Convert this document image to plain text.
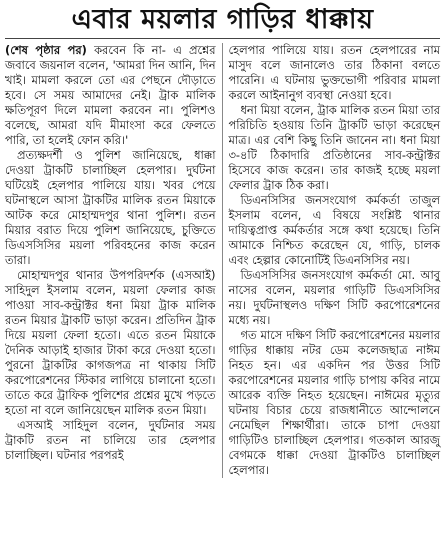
এবার ময়লার গাড়ির ধাক্কায়

(শেষ পৃষ্ঠার পর) করবেন কি না- এ প্রশ্নের জবাবে জয়নাল বলেন, 'আমরা দিন আনি, দিন খাই। মামলা করলে তো এর পেছনে দৌড়াতে হবে। সে সময় আমাদের নেই। ট্রাক মালিক ক্ষতিপূরণ দিলে মামলা করবেন না। পুলিশও বলেছে, আমরা যদি মীমাংসা করে ফেলতে পারি, তা হলেই ফোন করি।'

প্রত্যক্ষদর্শী ও পুলিশ জানিয়েছে, ধাক্কা দেওয়া ট্রাকটি চালাচ্ছিল হেলপার। দুর্ঘটনা ঘটিয়েই হেলপার পালিয়ে যায়। খবর পেয়ে ঘটনাস্থলে আসা ট্রাকটির মালিক রতন মিয়াকে আটক করে মোহাম্মদপুর থানা পুলিশ। রতন মিয়ার বরাত দিয়ে পুলিশ জানিয়েছে, চুক্তিতে ডিএসসিসির ময়লা পরিবহনের কাজ করেন তারা।

মোহাম্মদপুর থানার উপপরিদর্শক (এসআই) সাহিদুল ইসলাম বলেন, ময়লা ফেলার কাজ পাওয়া সাব-কন্ট্রাক্টর ধনা মিয়া ট্রাক মালিক রতন মিয়ার ট্রাকটি ভাড়া করেন। প্রতিদিন ট্রাক দিয়ে ময়লা ফেলা হতো। এতে রতন মিয়াকে দৈনিক আড়াই হাজার টাকা করে দেওয়া হতো। পুরনো ট্রাকটির কাগজপত্র না থাকায় সিটি করপোরেশনের স্টিকার লাগিয়ে চালানো হতো। তাতে করে ট্রাফিক পুলিশের প্রশ্নের মুখে পড়তে হতো না বলে জানিয়েছেন মালিক রতন মিয়া।

এসআই সাহিদুল বলেন, দুর্ঘটনার সময় ট্রাকটি রতন না চালিয়ে তার হেলপার চালাচ্ছিল। ঘটনার পরপরই

হেলপার পালিয়ে যায়। রতন হেলপারের নাম মাসুদ বলে জানালেও তার ঠিকানা বলতে পারেনি। এ ঘটনায় ভুক্তভোগী পরিবার মামলা করলে আইনানুগ ব্যবস্থা নেওয়া হবে।

ধনা মিয়া বলেন, ট্রাক মালিক রতন মিয়া তার পরিচিতি হওয়ায় তিনি ট্রাকটি ভাড়া করেছেন মাত্র। এর বেশি কিছু তিনি জানেন না। ধনা মিয়া ৩-৪টি ঠিকাদারি প্রতিষ্ঠানের সাব-কন্ট্রাক্টর হিসেবে কাজ করেন। তার কাজই হচ্ছে ময়লা ফেলার ট্রাক ঠিক করা।

ডিএনসিসির জনসংযোগ কর্মকর্তা তাজুল ইসলাম বলেন, এ বিষয়ে সংশ্লিষ্ট থানার দায়িত্বপ্রাপ্ত কর্মকর্তার সঙ্গে কথা হয়েছে। তিনি আমাকে নিশ্চিত করেছেন যে, গাড়ি, চালক এবং হেল্পার কোনোটিই ডিএনসিসির নয়।

ডিএসসিসির জনসংযোগ কর্মকর্তা মো. আবু নাসের বলেন, ময়লার গাড়িটি ডিএসসিসির নয়। দুর্ঘটনাস্থলও দক্ষিণ সিটি করপোরেশনের মধ্যে নয়।

গত মাসে দক্ষিণ সিটি করপোরেশনের ময়লার গাড়ির ধাক্কায় নটর ডেম কলেজছাত্র নাঈম নিহত হন। এর একদিন পর উত্তর সিটি করপোরেশনের ময়লার গাড়ি চাপায় কবির নামে আরেক ব্যক্তি নিহত হয়েছেন। নাঈমের মৃত্যুর ঘটনায় বিচার চেয়ে রাজধানীতে আন্দোলনে নেমেছিল শিক্ষার্থীরা। তাকে চাপা দেওয়া গাড়িটিও চালাচ্ছিল হেলপার। গতকাল আরজু বেগমকে ধাক্কা দেওয়া ট্রাকটিও চালাচ্ছিল হেলপার।
